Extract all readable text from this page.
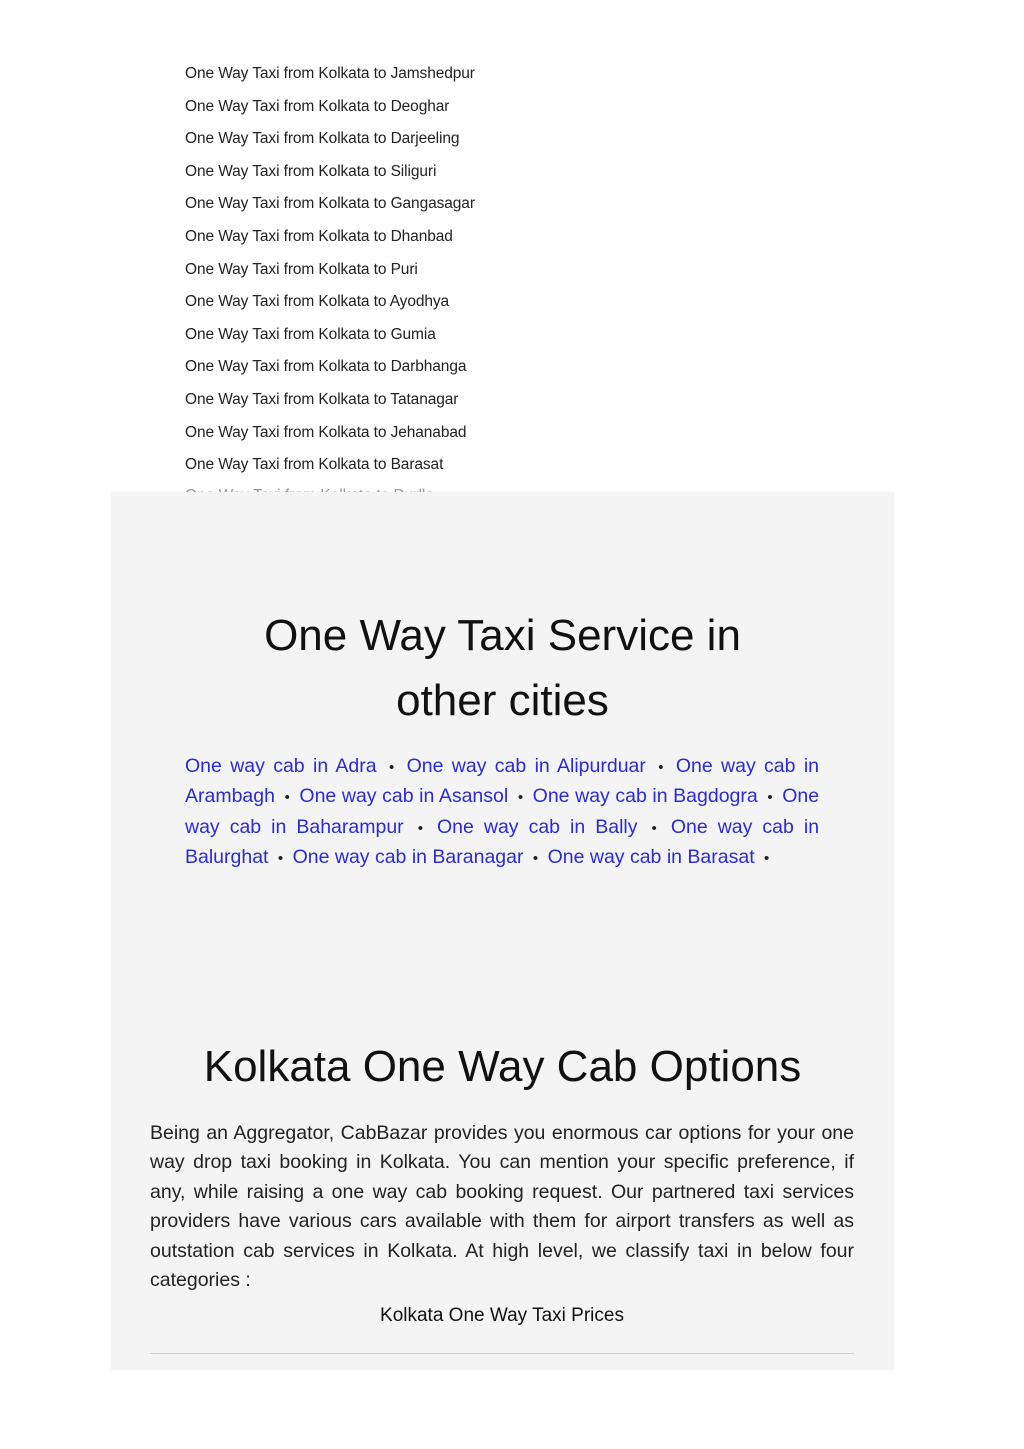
One Way Taxi from Kolkata to Jamshedpur
One Way Taxi from Kolkata to Deoghar
One Way Taxi from Kolkata to Darjeeling
One Way Taxi from Kolkata to Siliguri
One Way Taxi from Kolkata to Gangasagar
One Way Taxi from Kolkata to Dhanbad
One Way Taxi from Kolkata to Puri
One Way Taxi from Kolkata to Ayodhya
One Way Taxi from Kolkata to Gumia
One Way Taxi from Kolkata to Darbhanga
One Way Taxi from Kolkata to Tatanagar
One Way Taxi from Kolkata to Jehanabad
One Way Taxi from Kolkata to Barasat
One Way Taxi Service in other cities

One way cab in Adra • One way cab in Alipurduar • One way cab in Arambagh • One way cab in Asansol • One way cab in Bagdogra • One way cab in Baharampur • One way cab in Bally • One way cab in Balurghat • One way cab in Baranagar • One way cab in Barasat •

Kolkata One Way Cab Options

Being an Aggregator, CabBazar provides you enormous car options for your one way drop taxi booking in Kolkata. You can mention your specific preference, if any, while raising a one way cab booking request. Our partnered taxi services providers have various cars available with them for airport transfers as well as outstation cab services in Kolkata. At high level, we classify taxi in below four categories :

Kolkata One Way Taxi Prices
